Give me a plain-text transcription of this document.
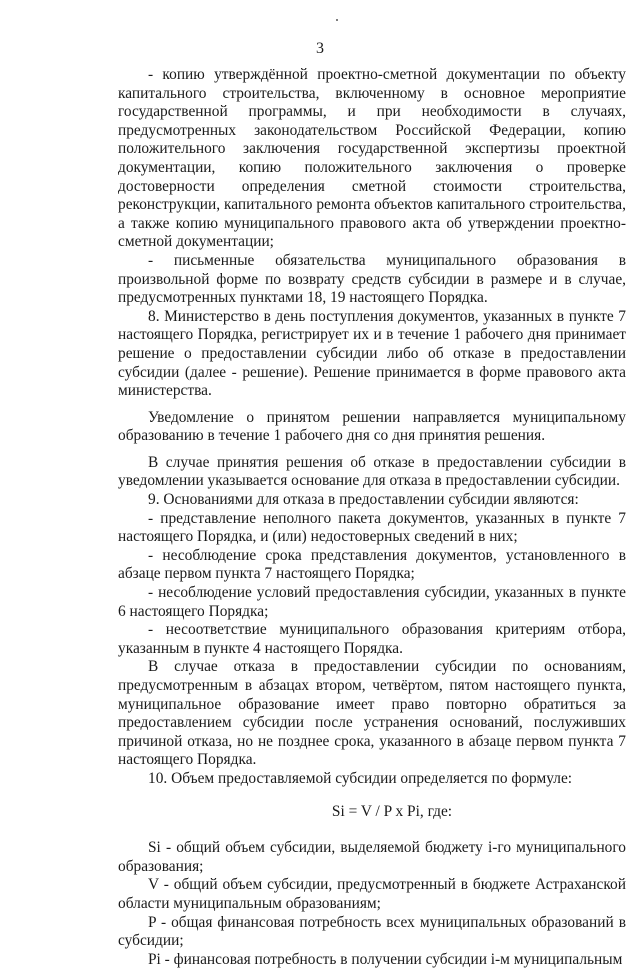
3

- копию утверждённой проектно-сметной документации по объекту капитального строительства, включенному в основное мероприятие государственной программы, и при необходимости в случаях, предусмотренных законодательством Российской Федерации, копию положительного заключения государственной экспертизы проектной документации, копию положительного заключения о проверке достоверности определения сметной стоимости строительства, реконструкции, капитального ремонта объектов капитального строительства, а также копию муниципального правового акта об утверждении проектно-сметной документации;

- письменные обязательства муниципального образования в произвольной форме по возврату средств субсидии в размере и в случае, предусмотренных пунктами 18, 19 настоящего Порядка.

8. Министерство в день поступления документов, указанных в пункте 7 настоящего Порядка, регистрирует их и в течение 1 рабочего дня принимает решение о предоставлении субсидии либо об отказе в предоставлении субсидии (далее - решение). Решение принимается в форме правового акта министерства.

Уведомление о принятом решении направляется муниципальному образованию в течение 1 рабочего дня со дня принятия решения.

В случае принятия решения об отказе в предоставлении субсидии в уведомлении указывается основание для отказа в предоставлении субсидии.

9. Основаниями для отказа в предоставлении субсидии являются:

- представление неполного пакета документов, указанных в пункте 7 настоящего Порядка, и (или) недостоверных сведений в них;

- несоблюдение срока представления документов, установленного в абзаце первом пункта 7 настоящего Порядка;

- несоблюдение условий предоставления субсидии, указанных в пункте 6 настоящего Порядка;

- несоответствие муниципального образования критериям отбора, указанным в пункте 4 настоящего Порядка.

В случае отказа в предоставлении субсидии по основаниям, предусмотренным в абзацах втором, четвёртом, пятом настоящего пункта, муниципальное образование имеет право повторно обратиться за предоставлением субсидии после устранения оснований, послуживших причиной отказа, но не позднее срока, указанного в абзаце первом пункта 7 настоящего Порядка.

10. Объем предоставляемой субсидии определяется по формуле:

Si = V / P x Pi, где:

Si - общий объем субсидии, выделяемой бюджету i-го муниципального образования;

V - общий объем субсидии, предусмотренный в бюджете Астраханской области муниципальным образованиям;

P - общая финансовая потребность всех муниципальных образований в субсидии;

Pi - финансовая потребность в получении субсидии i-м муниципальным
